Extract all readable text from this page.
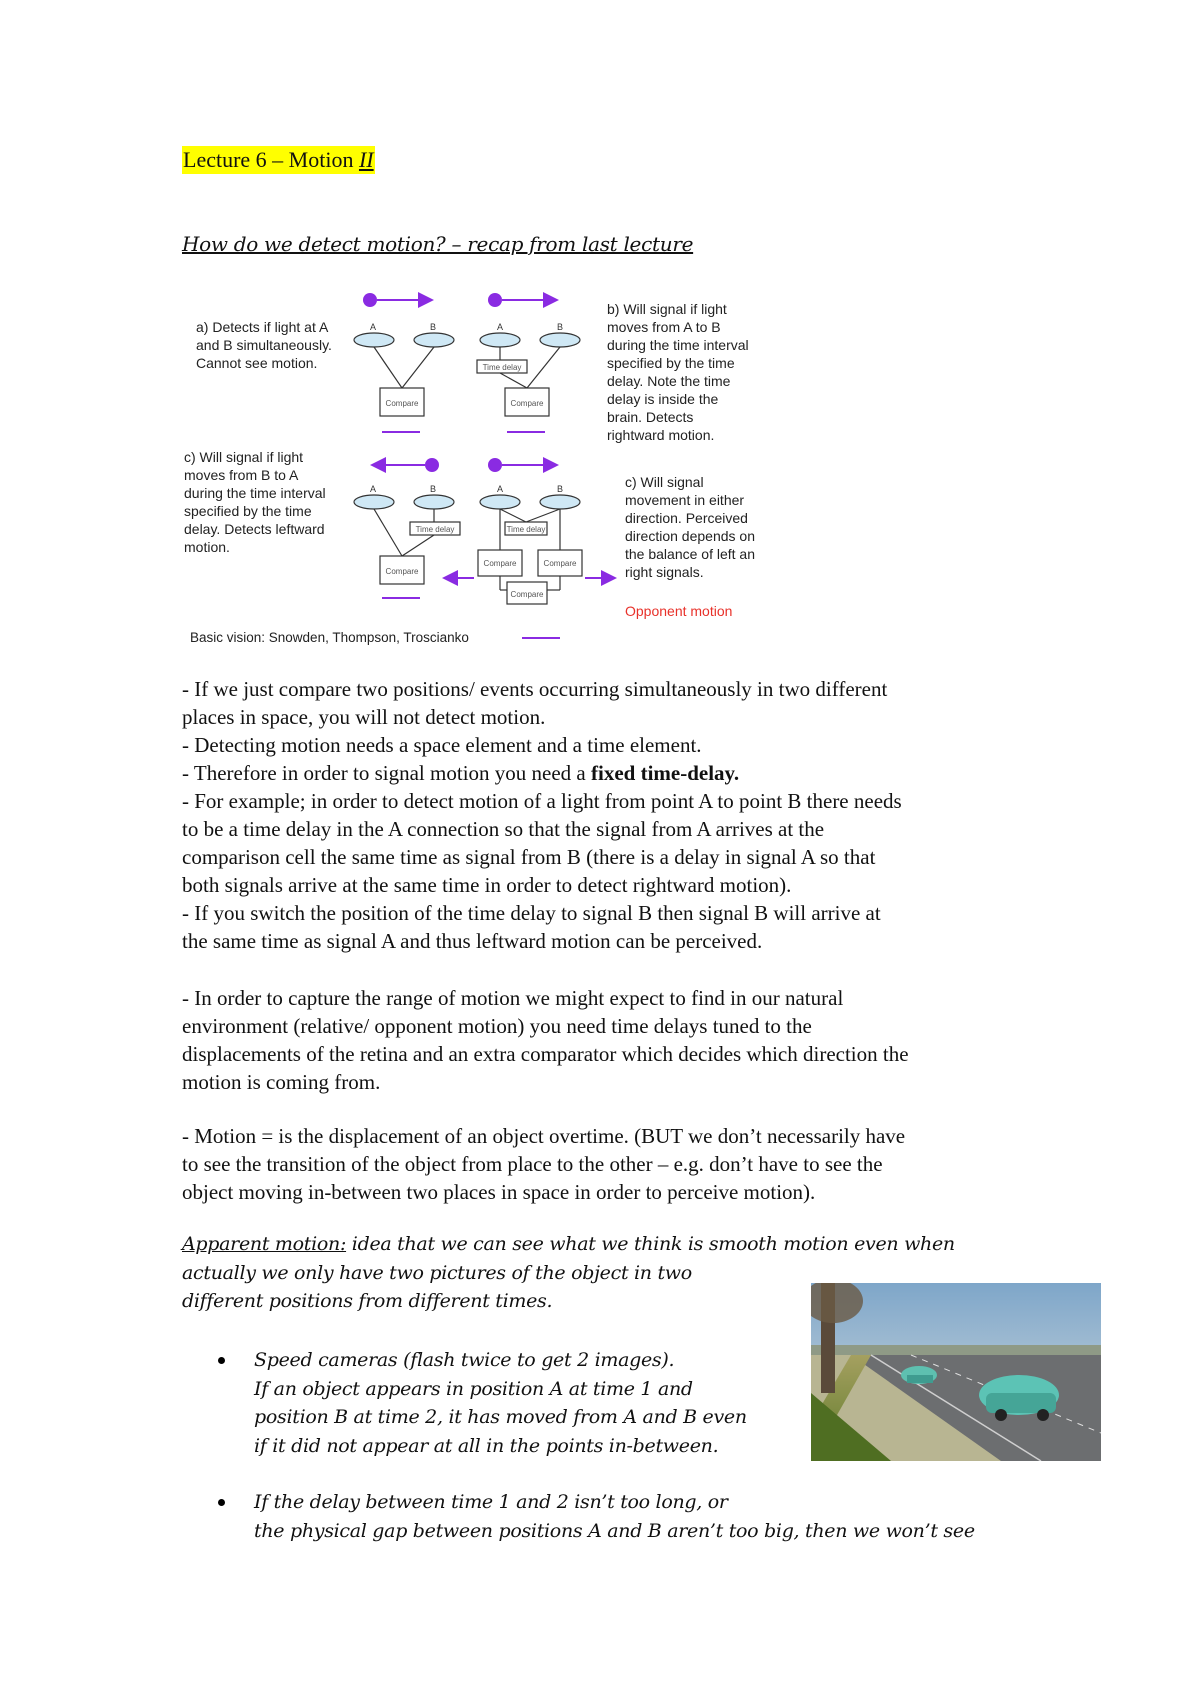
Lecture 6 – Motion II
How do we detect motion? – recap from last lecture
a) Detects if light at A and B simultaneously. Cannot see motion.
b) Will signal if light moves from A to B during the time interval specified by the time delay. Note the time delay is inside the brain. Detects rightward motion.
c) Will signal if light moves from B to A during the time interval specified by the time delay. Detects leftward motion.
c) Will signal movement in either direction. Perceived direction depends on the balance of left an right signals.
Opponent motion
Basic vision: Snowden, Thompson, Troscianko
A	B
Compare
A	B
Time delay
Compare
A	B
Time delay
Compare
A	B
Time delay
Compare	Compare
Compare

- If we just compare two positions/ events occurring simultaneously in two different

places in space, you will not detect motion.

- Detecting motion needs a space element and a time element.

- Therefore in order to signal motion you need a fixed time-delay.

- For example; in order to detect motion of a light from point A to point B there needs

to be a time delay in the A connection so that the signal from A arrives at the

comparison cell the same time as signal from B (there is a delay in signal A so that

both signals arrive at the same time in order to detect rightward motion).

- If you switch the position of the time delay to signal B then signal B will arrive at

the same time as signal A and thus leftward motion can be perceived.

- In order to capture the range of motion we might expect to find in our natural

environment (relative/ opponent motion) you need time delays tuned to the

displacements of the retina and an extra comparator which decides which direction the

motion is coming from.

- Motion = is the displacement of an object overtime. (BUT we don’t necessarily have

to see the transition of the object from place to the other – e.g. don’t have to see the

object moving in-between two places in space in order to perceive motion).

Apparent motion: idea that we can see what we think is smooth motion even when
actually we only have two pictures of the object in two
different positions from different times.
Speed cameras (flash twice to get 2 images).
If an object appears in position A at time 1 and
position B at time 2, it has moved from A and B even
if it did not appear at all in the points in-between.
If the delay between time 1 and 2 isn’t too long, or
the physical gap between positions A and B aren’t too big, then we won’t see
